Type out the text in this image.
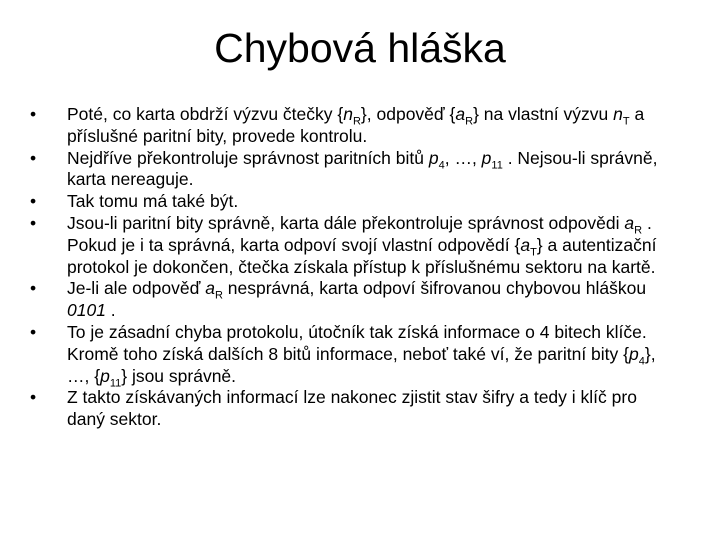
Chybová hláška
•	Poté, co karta obdrží výzvu čtečky $\{n_R\}$, odpověď $\{a_R\}$ na vlastní výzvu $n_T$ a příslušné paritní bity, provede kontrolu.
•	Nejdříve překontroluje správnost paritních bitů $p_4$, …, $p_{11}$ . Nejsou-li správně, karta nereaguje.
•	Tak tomu má také být.
•	Jsou-li paritní bity správně, karta dále překontroluje správnost odpovědi $a_R$ . Pokud je i ta správná, karta odpoví svojí vlastní odpovědí $\{a_T\}$ a autentizační protokol je dokončen, čtečka získala přístup k příslušnému sektoru na kartě.
•	Je-li ale odpověď $a_R$ nesprávná, karta odpoví šifrovanou chybovou hláškou 0101 .
•	To je zásadní chyba protokolu, útočník tak získá informace o 4 bitech klíče. Kromě toho získá dalších 8 bitů informace, neboť také ví, že paritní bity $\{p_4\}$, …, $\{p_{11}\}$ jsou správně.
•	Z takto získávaných informací lze nakonec zjistit stav šifry a tedy i klíč pro daný sektor.
